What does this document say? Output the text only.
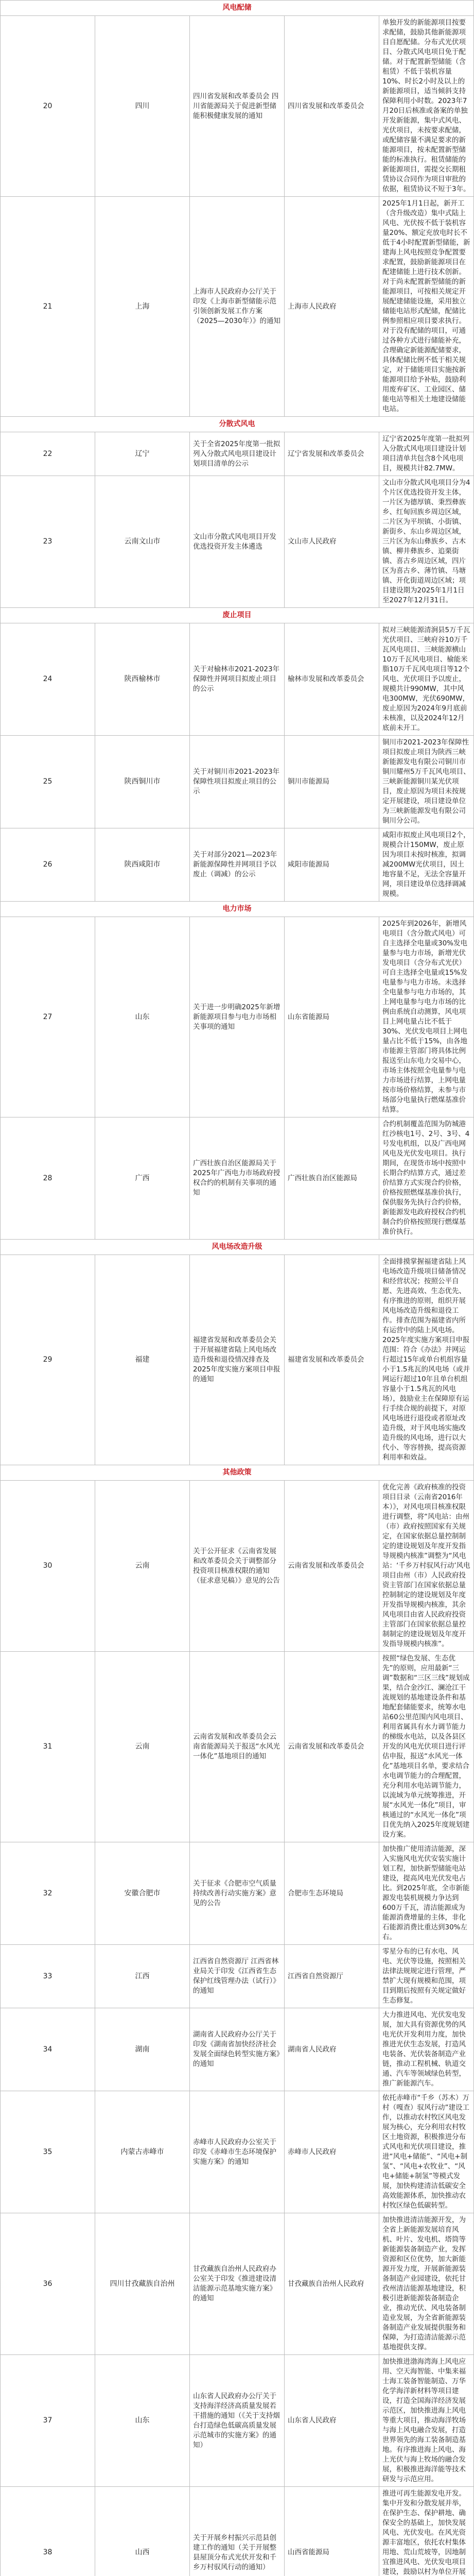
风电配储				
20	四川	四川省发展和改革委员会 四川省能源局关于促进新型储能积极健康发展的通知	四川省发展和改革委员会	单独开发的新能源项目按要求配储，鼓励其他新能源项目自愿配储。分布式光伏项目、分散式风电项目免于配储。对于配置新型储能（含租赁）不低于装机容量10%、时长2小时及以上的新能源项目，适当倾斜支持保障利用小时数。2023年7月20日后核准或备案的单独开发新能源，集中式风电、光伏项目，未按要求配储，或配储容量不满足要求的新能源项目，按未配置新型储能的标准执行。租赁储能的新能源项目，需提交长期租赁协议合同作为项目审批的依据，租赁协议不短于3年。
21	上海	上海市人民政府办公厅关于印发《上海市新型储能示范引领创新发展工作方案（2025—2030年）》的通知	上海市人民政府	2025年1月1日起，新开工（含升级改造）集中式陆上风电、光伏按不低于装机容量20%、额定充放电时长不低于4小时配置新型储能，新建海上风电按照竞争配置要求配置，鼓励新能源项目在配建储能上进行技术创新。对于尚未配置新型储能的新能源项目，可按相关规定开展配建储能设施，采用独立储能电站形式配储，配储比例参照相应项目要求执行。对于没有配储的项目，可通过各种方式进行储能补充，合理确定新能源配储要求，具体配储比例不低于相关规定，对于储能项目实施按新能源项目给予补贴，鼓励利用废弃矿区、工业园区、储能电站等相关土地建设储能电站。
分散式风电				
22	辽宁	关于全省2025年度第一批拟列入分散式风电项目建设计划项目清单的公示	辽宁省发展和改革委员会	辽宁省2025年度第一批拟列入分散式风电项目建设计划项目清单共包含8个风电项目，规模共计82.7MW。
23	云南文山市	文山市分散式风电项目开发优选投资开发主体遴选	文山市人民政府	文山市分散式风电项目分为4个片区优选投资开发主体，一片区为德厚镇、秉烈彝族乡、红甸回族乡周边区域，二片区为平坝镇、小街镇、新街乡、东山乡周边区域，三片区为东山彝族乡、古木镇、柳井彝族乡、追栗街镇、喜古乡周边区域，四片区为喜古乡、薄竹镇、马塘镇、开化街道周边区域；项目建设期为2025年1月1日至2027年12月31日。
废止项目				
24	陕西榆林市	关于对榆林市2021-2023年保障性并网项目拟废止项目的公示	榆林市发展和改革委员会	拟对三峡能源清涧县5万千瓦光伏项目、三峡府谷10万千瓦风电项目、三峡能源横山10万千瓦风电项目、榆能米脂10万千瓦风电项目等12个风电、光伏项目予以废止，规模共计990MW，其中风电300MW，光伏690MW，废止原因为2024年9月底前未核准，以及2024年12月底前未开工。
25	陕西铜川市	关于对铜川市2021-2023年保障性项目拟废止项目的公示	铜川市能源局	铜川市2021-2023年保障性项目拟废止项目为陕西三峡新能源发电有限公司铜川市铜川耀州5万千瓦风电项目、三峡新能源铜川某光伏项目，废止原因为项目未按规定开展建设，项目建设单位为三峡新能源发电有限公司铜川分公司。
26	陕西咸阳市	关于对部分2021—2023年新能源保障性并网项目予以废止（调减）的公示	咸阳市能源局	咸阳市拟废止风电项目2个，规模合计150MW，废止原因为项目未按时核准，拟调减200MW光伏项目，因土地容量不足，无法全容量开网，项目建设单位选择调减规模。
电力市场				
27	山东	关于进一步明确2025年新增新能源项目参与电力市场相关事项的通知	山东省能源局	2025年到2026年，新增风电项目（含分散式风电）可自主选择全电量或30%发电量参与电力市场，新增光伏发电项目（含分布式光伏）可自主选择全电量或15%发电量参与电力市场。未选择全电量参与电力市场的，其上网电量参与电力市场的比例由系统自动测算，风电项目上网电量占比不低于30%、光伏发电项目上网电量占比不低于15%，由各地市能源主管部门将具体比例报送至山东电力交易中心，市场主体按照全电量参与电力市场进行结算，上网电量按市场价格结算，未参与市场部分电量执行燃煤基准价结算。
28	广西	广西壮族自治区能源局关于2025年广西电力市场政府授权合约的机制有关事项的通知	广西壮族自治区能源局	合约机制覆盖范围为防城港红沙核电1号、2号、3号、4号发电机组，以及广西电网风电及光伏发电项目。执行期间，在现货市场中按照中长期合约结算方式，通过差价结算方式实现合约价格，价格按照燃煤基准价执行，保供服务先执行合约价格，新能源发电政府授权合约机制合约价格按照现行燃煤基准价执行。
风电场改造升级				
29	福建	福建省发展和改革委员会关于开展福建省陆上风电场改造升级和退役情况排查及2025年度实施方案项目申报的通知	福建省发展和改革委员会	全面排摸掌握福建省陆上风电场改造升级项目储备情况和经营状况；按照公平自愿、先进高效、生态优先、有序推进的原则，组织开展风电场改造升级和退役工作。排查范围为福建省内所有运营中的陆上风电场。2025年度实施方案项目申报范围：符合《办法》并网运行超过15年或单台机组容量小于1.5兆瓦的风电场（或并网运行超过10年且单台机组容量小于1.5兆瓦的风电场），鼓励业主在保障原有运行手续合规的前提下，对原风电场进行退役或者原址改造升级，对于风电场实施改造升级的风电场，进行以大代小、等容替换，提高资源利用率和效益。
其他政策				
30	云南	关于公开征求《云南省发展和改革委员会关于调整部分投资项目核准权限的通知（征求意见稿）》意见的公告	云南省发展和改革委员会	优化完善《政府核准的投资项目目录（云南省2016年本）》，对风电项目核准权限进行调整，将“风电站：由州（市）政府按照国家有关规定，在国家依据总量控制制定的建设规划及年度开发指导规模内核准”调整为“风电站：‘千乡万村驭风行动’风电项目由州（市）人民政府投资主管部门在国家依据总量控制制定的建设规划及年度开发指导规模内核准，其余风电项目由省人民政府投资主管部门在国家依据总量控制制定的建设规划及年度开发指导规模内核准”。
31	云南	云南省发展和改革委员会云南省能源局关于报送“水风光一体化”基地项目的通知	云南省发展和改革委员会	按照“绿色发展、生态优先”的原则，应用最新“三调”数据和“三区三线”规划成果，结合金沙江、澜沧江干流规划的基地建设条件和基地配套储能要求，统筹水电站60公里范围内风电项目、利用省属具有水力调节能力的梯级水电站，以及各县区开发的风电光伏项目进行评估申报，报送“水风光一体化”基地项目名单，要求结合水电调节能力的合理配置，充分利用水电站调节能力，以流域为单元统筹推进，开展“水风光一体化”项目，审核通过的“水风光一体化”项目优先纳入2025年度规划建设方案。
32	安徽合肥市	关于征求《合肥市空气质量持续改善行动实施方案》意见的公告	合肥市生态环境局	加快推广使用清洁能源，深入实施风电光伏安装实施计划工程，加快新型储能电站建设，提高风电光伏发电占比。到2025年底，全市新能源发电装机规模力争达到600万千瓦，清洁能源成为能源消费增量的主体，非化石能源消费比重达到30%左右。
33	江西	江西省自然资源厅 江西省林业局关于印发《江西省生态保护红线管理办法（试行）》的通知	江西省自然资源厅	零星分布的已有水电、风电、光伏等设施，按照相关法律法规规定进行管理，严禁扩大现有规模和范围，项目到期后按照有关规定做好生态修复。
34	湖南	湖南省人民政府办公厅关于印发《湖南省加快经济社会发展全面绿色转型实施方案》的通知	湖南省人民政府	大力推进风电、光伏发电发展，加大具有资源优势的风电光伏开发利用力度，加快推进光伏生态发展，打造风电装备、光伏装备制造产业链，推动工程机械、轨道交通、汽车等领域绿色转型，推广新能源汽车。
35	内蒙古赤峰市	赤峰市人民政府办公室关于印发《赤峰市生态环境保护实施方案》的通知	赤峰市人民政府	依托赤峰市“千乡（苏木）万村（嘎查）驭风行动”建设工作，以推动农村牧区风电发展为核心，充分利用农村牧区土地资源，积极推进分布式风电和光伏项目建设，推进“风电+储能”、“风电+制氢”、“风电+农牧业”、“风电+储能+制氢”等模式发展，加快构建清洁低碳安全高效能源体系，加快推动农村牧区绿色低碳转型。
36	四川甘孜藏族自治州	甘孜藏族自治州人民政府办公室关于印发《推进建设清洁能源示范基地实施方案》的通知	甘孜藏族自治州人民政府	加快推进清洁能源开发，为全省上新能源发展培育风机、叶片、发电机、塔筒等新能源装备制造产业，发挥资源和区位优势，加大新能源开发力度，开展新能源装备制造产业园建设，依托甘孜州清洁能源基地建设，积极引进新能源装备制造企业，推动光伏、风电装备制造业发展，为全省新能源装备制造产业发展提供服务和保障，为打造清洁能源示范基地提供支撑。
37	山东	山东省人民政府办公厅关于支持海洋经济高质量发展若干措施的通知（《关于支持烟台打造绿色低碳高质量发展示范城市的实施方案》的通知）	山东省人民政府	加快推进渤海湾海上风电应用、空天海智能、中集来福士海工装备智能制造、万华化学海洋新材料等项目建设，打造全国海洋经济发展示范区，加快推进海上风电等重大项目，推动海洋牧场与海上风电融合发展，打造世界领先的海工装备制造基地。有序推进海上风电、海上光伏与海上牧场的融合发展，积极推进海洋能等技术研发与示范应用。
38	山西	关于开展乡村振兴示范县创建工作的通知（关于开展整县屋顶分布式光伏开发和千乡万村驭风行动的通知）	山西省能源局	推进可再生能源发电开发。集中开发和分散发展并举，在保护生态、保护耕地、确保安全的基础上，加快发展风电、光伏发电。在风光资源丰富地区，依托农村集体用地、荒山荒坡等，因地制宜推进风电、光伏发电项目建设，鼓励以村为单位开展
